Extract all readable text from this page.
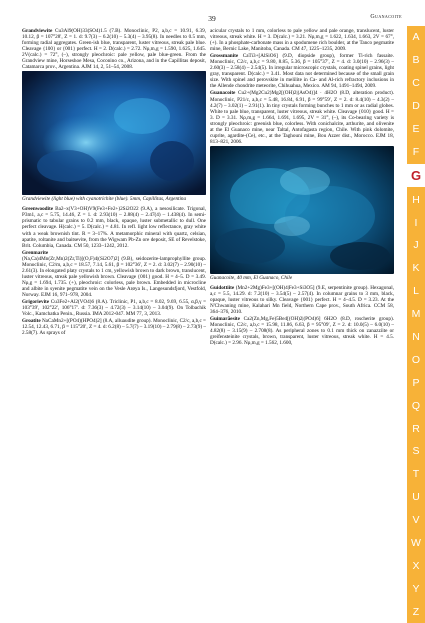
39	Guanacoite

Grandviewite Cu3Al9(OH)33(SO4)1.5 (7.B). Monoclinic, P2, a,b,c = 10.91, 6.39, 10.12, β = 107°28′, Z = 1. d: 9.7(3) – 6.2(10) – 5.3(4) – 3.95(8). In needles to 0.5 mm, forming radial aggregates. Green-ish blue, transparent, luster vitreous, streak pale blue. Cleavage {100} or {001} perfect. H = 2. D(calc.) = 2.72. Nρ,m,g = 1.590, 1.625, 1.645. 2V(calc.) = 72°, (–), strongly pleochroic: pale yellow, pale blue-green. From the Grandview mine, Horseshoe Mesa, Coconino co., Arizona, and in the Capillitas deposit, Catamarca prov., Argentina. AJM 14, 2, 51–54, 2008.

Grandviewite (light blue) with cyanotrichite (blue). 5mm, Capillitas, Argentina

Greenwoodite Ba2–x(V3+OH)V9(Fe3+Fe2+)2Si2O22 (9.A), a nesosilicate. Trigonal, P3m1, a,c = 5.75, 14.46, Z = 1. d: 2.93(10) – 2.88(4) – 2.47(4) – 1.438(4). In semi-prismatic to tabular grains to 0.2 mm, black, opaque, luster submetallic to dull. One perfect cleavage. H(calc.) = 5. D(calc.) = 4.81. In refl. light low reflectance, gray white with a weak brownish tint. R = 3–17%. A metamorphic mineral with quartz, celsian, apatite, roltanite and baitsevite, from the Wigwam Pb-Zn ore deposit, SE of Revelstoke, Brit. Columbia, Canada. CM 50, 1233–1242, 2012.

Grenmarite

(Na,Ca)4Mn(Zr,Mn)2(Zr,Ti)[(O,F)4|(Si2O7)2] (9.B), seidozerite-lamprophyllite group. Monoclinic, C2/m, a,b,c = 18.57, 7.14, 5.61, β = 102°36′, Z = 2. d: 3.02(7) – 2.90(10) – 2.61(3). In elongated platy crystals to 1 cm, yellowish brown to dark brown, translucent, luster vitreous, streak pale yellowish brown. Cleavage {001} good. H = 4–5. D = 3.49. Nρ,g = 1.694, 1.735. (+), pleochroic: colorless, pale brown. Embedded in microcline and albite in syenite pegmatite vein on the Vesle Arøya Is., Langesundsfjord, Vestfold, Norway. EJM 16, 971–978, 2004.

Grigorievite Cu3Fe2+Al2(VO4)6 (8.A). Triclinic, P1, a,b,c = 8.02, 9.69, 6.55, α,β,γ = 103°39′, 102°22′, 106°17′. d: 7.36(3) – 4.72(3) – 3.14(10) – 3.04(9). On Tolbachik Volc., Kamchatka Penin., Russia. IMA 2012-047. MM 77, 3, 2013.

Groatite NaCaMn2+[(PO4)(HPO4)2] (8.A, alluaudite group). Monoclinic, C2/c, a,b,c = 12.54, 12.43, 6.71, β = 115°20′, Z = 4. d: 6.2(8) – 5.7(7) – 3.19(10) – 2.79(8) – 2.73(9) – 2.58(7). As sprays of

acicular crystals to 1 mm, colorless to pale yellow and pale orange, translucent, luster vitreous, streak white. H = 3. D(calc.) = 3.21. Nρ,m,g = 1.622, 1.634, 1.663, 2V = 67°, (+). In a phosphate-carbonate mass in a spodumene rich boulder, at the Tanco pegmatite mine, Bernic Lake, Manitoba, Canada. CM 47, 1225–1235, 2009.

Grossmanite CaTi3+[AlSiO6] (9.D, diopside group), former Ti-rich fassaite. Monoclinic, C2/c, a,b,c = 9.80, 8.85, 5.36, β = 105°37′, Z = 4. d: 3.0(10) – 2.96(3) – 2.60(3) – 2.58(4) – 2.54(5). In irregular microscopic crystals, coating spinel grains, light gray, transparent. D(calc.) = 3.41. Most data not determined because of the small grain size. With spinel and perovskite in melilite in Ca- and Al-rich refractory inclusions in the Allende chondrite meteorite, Chihuahua, Mexico. AM 94, 1491–1494, 2009.

Guanacoite Cu2+(Mg2Cu2)Mg2[(OH)2|(AsO4)]4 · 4H2O (8.D, alteration product). Monoclinic, P21/c, a,b,c = 5.48, 16.84, 6.91, β = 99°59′, Z = 2. d: 8.4(10) – 4.3(2) – 4.2(7) – 3.02(1) – 2.91(1). In tiny crystals forming bunches to 1 mm or as radial globes. White to pale blue, transparent, luster vitreous, streak white. Cleavage {010} good. H = 3. D = 3.31. Nρ,m,g = 1.664, 1.691, 1.695, 2V = 31°, (–), its Co-bearing variety is strongly pleochroic: greenish blue, colorless. With conichalcite, arthurite, and olivenite at the El Guanaco mine, near Taltal, Antofagasta region, Chile. With pink dolomite, cuprite, agardite-(Ce), etc., at the Taghouni mine, Bou Azzer dist., Morocco. EJM 18, 813–821, 2006.

Guanacoite, 40 mm, El Guanaco, Chile

Guidottiite (Mn2+2Mg)Fe3+[(OH)4|Fe3+Si3O5] (9.E, serpentinite group). Hexagonal, a,c = 5.5, 14.29. d: 7.2(10) – 3.54(5) – 2.57(4). In columnar grains to 3 mm, black, opaque, luster vitreous to silky. Cleavage {001} perfect. H = 4–4.5. D = 3.23. At the N'Chwaning mine, Kalahari Mn field, Northern Cape prov., South Africa. CCM 58, 364–376, 2010.

Guimarãesite Ca2(Zn,Mg,Fe)5Be4[(OH)2|(PO4)6] 6H2O (8.D, roscherite group). Monoclinic, C2/c, a,b,c = 15.98, 11.86, 6.63, β = 95°09′, Z = 2. d: 10.0(5) – 6.0(10) – 4.82(8) – 3.15(9) – 2.708(8). As peripheral zones to 0.1 mm thick on zanazziite or greifensteinite crystals, brown, transparent, luster vitreous, streak white. H = 4.5. D(calc.) = 2.96. Nρ,m,g = 1.562, 1.600,

A
B
C
D
E
F
G
H
I
J
K
L
M
N
O
P
Q
R
S
T
U
V
W
X
Y
Z
